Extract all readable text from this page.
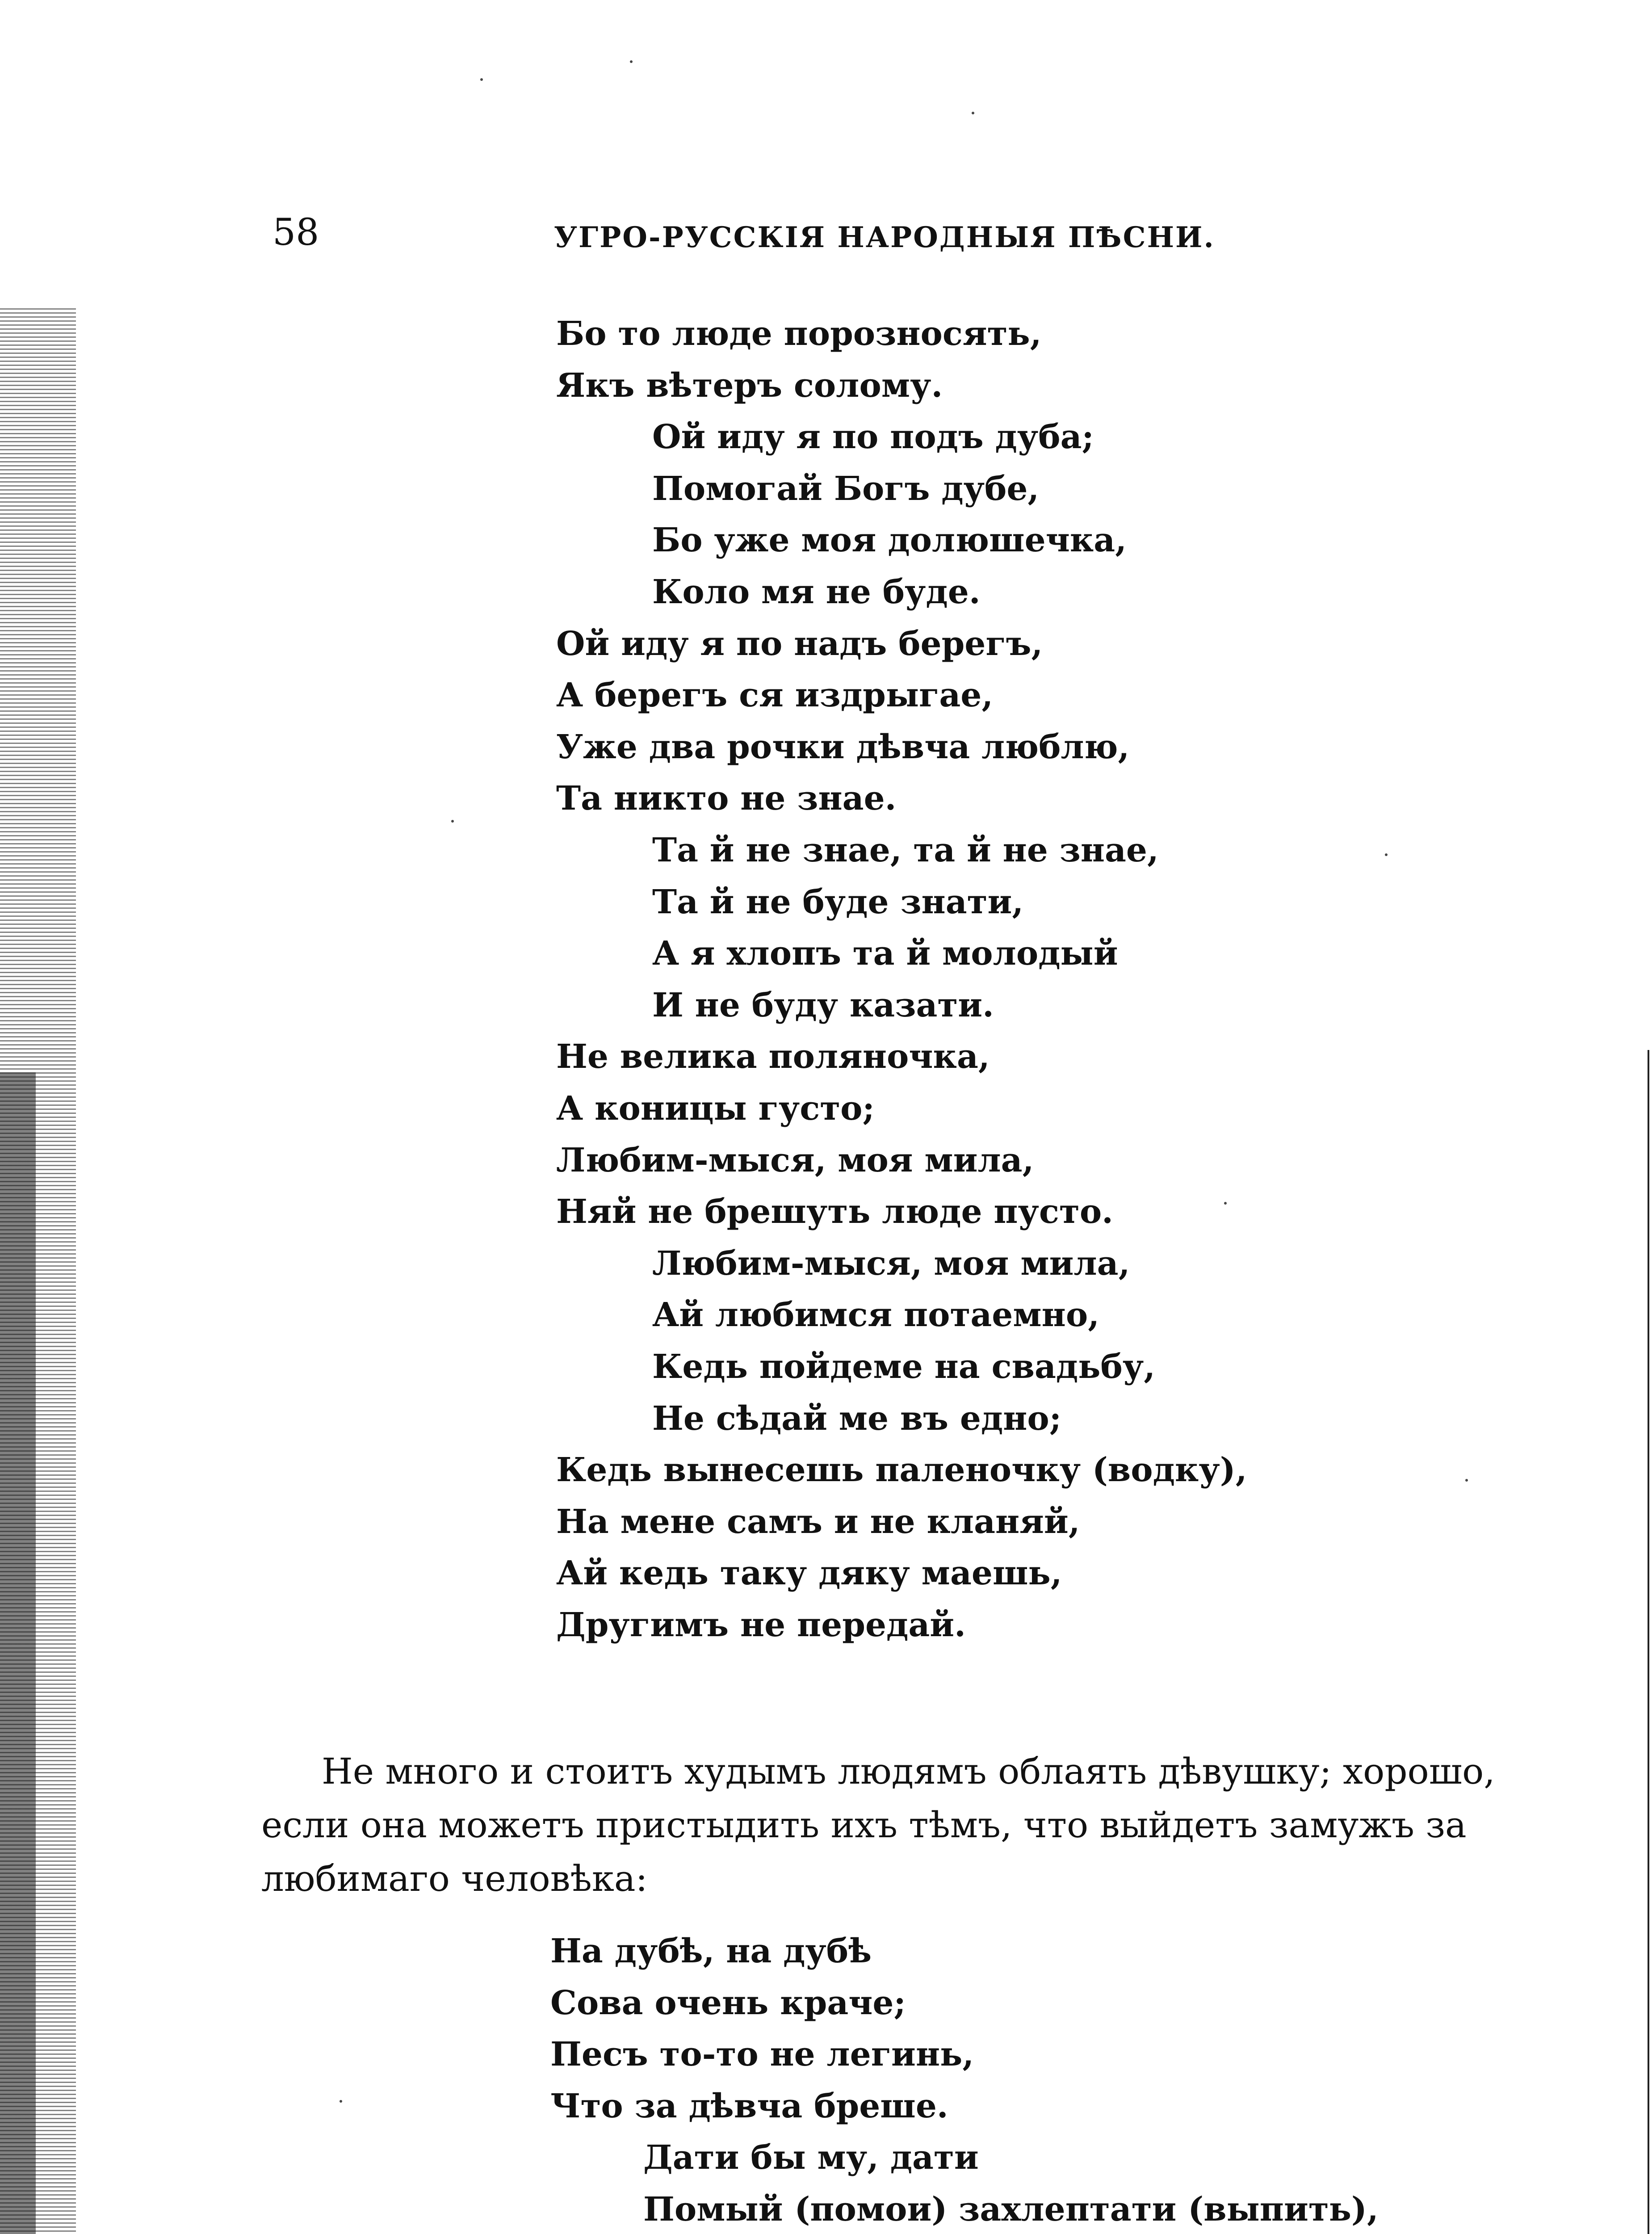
58	УГРО-РУССКІЯ НАРОДНЫЯ ПѢСНИ.
Бо то люде порозносять,
Якъ вѣтеръ солому.
Ой иду я по подъ дуба;
Помогай Богъ дубе,
Бо уже моя долюшечка,
Коло мя не буде.
Ой иду я по надъ берегъ,
А берегъ ся издрыгае,
Уже два рочки дѣвча люблю,
Та никто не знае.
Та й не знае, та й не знае,
Та й не буде знати,
А я хлопъ та й молодый
И не буду казати.
Не велика поляночка,
А коницы густо;
Любим-мыся, моя мила,
Няй не брешуть люде пусто.
Любим-мыся, моя мила,
Ай любимся потаемно,
Кедь пойдеме на свадьбу,
Не сѣдай ме въ едно;
Кедь вынесешь паленочку (водку),
На мене самъ и не кланяй,
Ай кедь таку дяку маешь,
Другимъ не передай.
Не много и стоитъ худымъ людямъ облаять дѣвушку; хорошо,
если она можетъ пристыдить ихъ тѣмъ, что выйдетъ замужъ за
любимаго человѣка:
На дубѣ, на дубѣ
Сова очень краче;
Песъ то-то не легинь,
Что за дѣвча бреше.
Дати бы му, дати
Помый (помои) захлептати (выпить),
